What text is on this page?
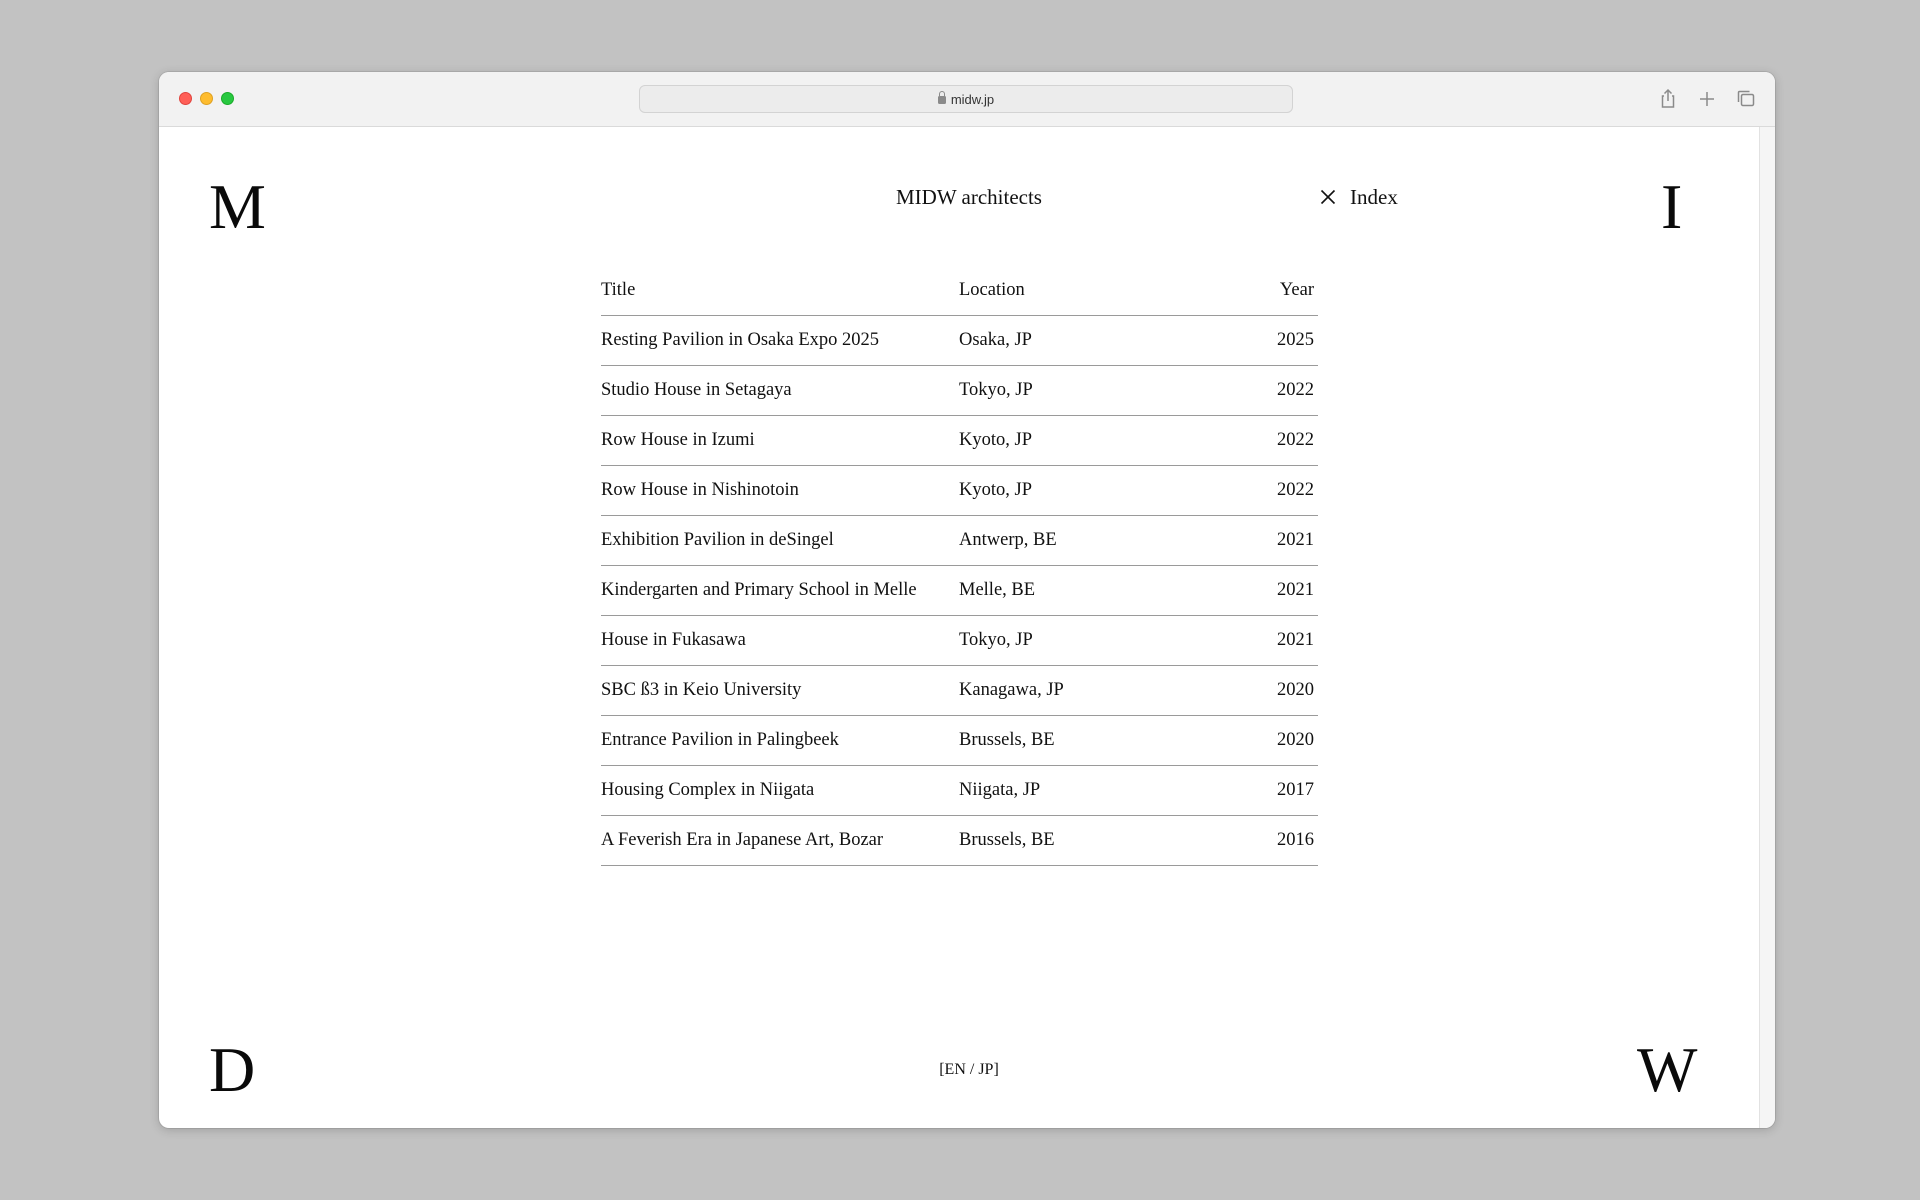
midw.jp
M	I
D	W
MIDW architects	Index
Title	Location	Year
Resting Pavilion in Osaka Expo 2025	Osaka, JP	2025
Studio House in Setagaya	Tokyo, JP	2022
Row House in Izumi	Kyoto, JP	2022
Row House in Nishinotoin	Kyoto, JP	2022
Exhibition Pavilion in deSingel	Antwerp, BE	2021
Kindergarten and Primary School in Melle	Melle, BE	2021
House in Fukasawa	Tokyo, JP	2021
SBC ß3 in Keio University	Kanagawa, JP	2020
Entrance Pavilion in Palingbeek	Brussels, BE	2020
Housing Complex in Niigata	Niigata, JP	2017
A Feverish Era in Japanese Art, Bozar	Brussels, BE	2016
[EN / JP]
